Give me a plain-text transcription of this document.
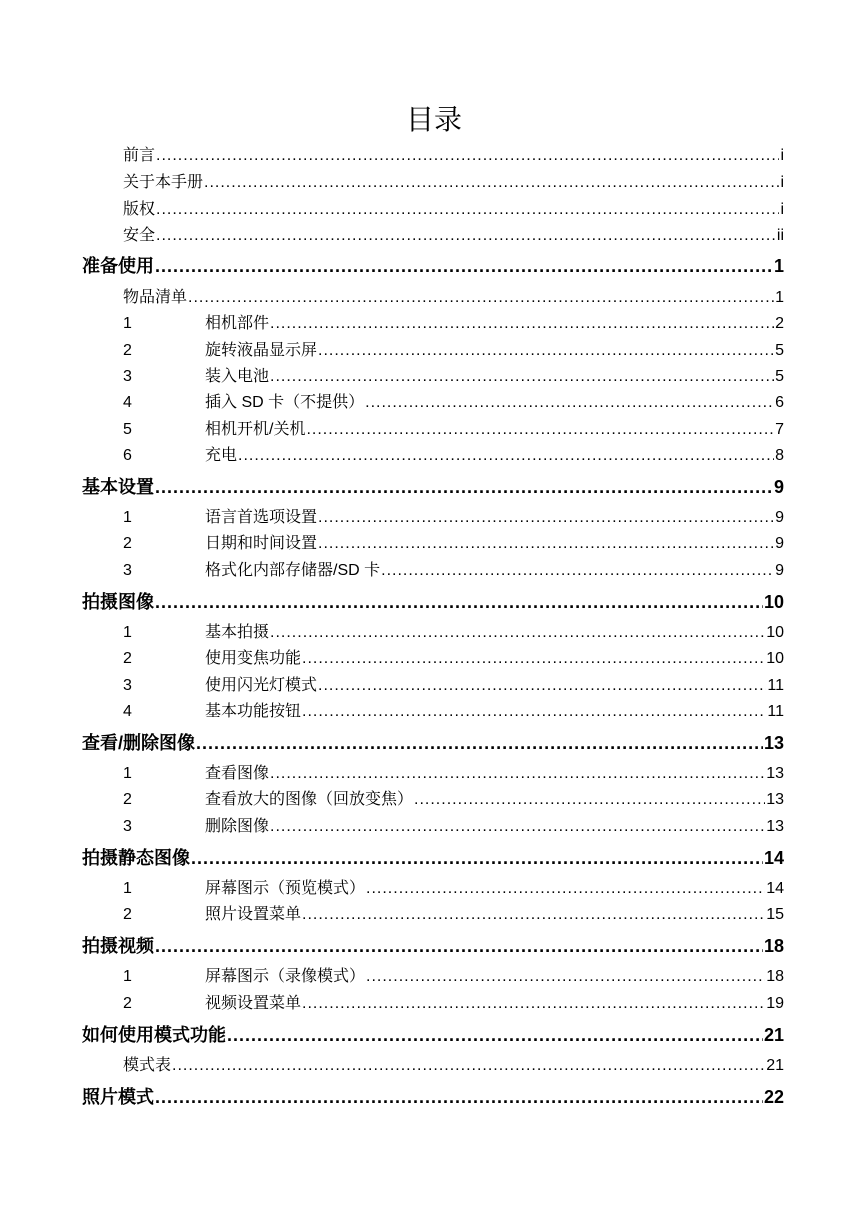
目录
前言 .....	i
关于本手册 .....	i
版权 .....	i
安全 .....	ii
准备使用 .....	1
物品清单 .....	1
1	相机部件 .....	2
2	旋转液晶显示屏 .....	5
3	装入电池 .....	5
4	插入 SD 卡（不提供） .....	6
5	相机开机/关机 .....	7
6	充电 .....	8
基本设置 .....	9
1	语言首选项设置 .....	9
2	日期和时间设置 .....	9
3	格式化内部存储器/SD 卡 .....	9
拍摄图像 .....	10
1	基本拍摄 .....	10
2	使用变焦功能 .....	10
3	使用闪光灯模式 .....	11
4	基本功能按钮 .....	11
查看/删除图像 .....	13
1	查看图像 .....	13
2	查看放大的图像（回放变焦） .....	13
3	删除图像 .....	13
拍摄静态图像 .....	14
1	屏幕图示（预览模式） .....	14
2	照片设置菜单 .....	15
拍摄视频 .....	18
1	屏幕图示（录像模式） .....	18
2	视频设置菜单 .....	19
如何使用模式功能 .....	21
模式表 .....	21
照片模式 .....	22
